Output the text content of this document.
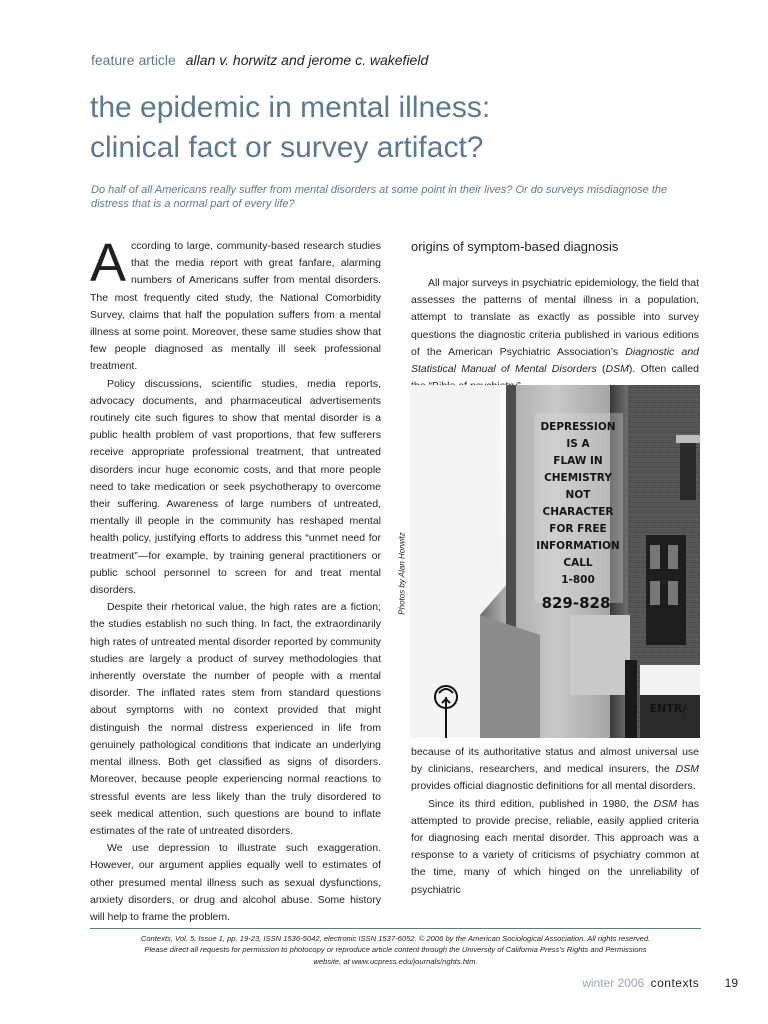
feature article allan v. horwitz and jerome c. wakefield
the epidemic in mental illness:
clinical fact or survey artifact?

Do half of all Americans really suffer from mental disorders at some point in their lives? Or do surveys misdiagnose the distress that is a normal part of every life?

According to large, community-based research studies that the media report with great fanfare, alarming numbers of Americans suffer from mental disorders. The most frequently cited study, the National Comorbidity Survey, claims that half the population suffers from a mental illness at some point. Moreover, these same studies show that few people diagnosed as mentally ill seek professional treatment.

Policy discussions, scientific studies, media reports, advocacy documents, and pharmaceutical advertisements routinely cite such figures to show that mental disorder is a public health problem of vast proportions, that few sufferers receive appropriate professional treatment, that untreated disorders incur huge economic costs, and that more people need to take medication or seek psychotherapy to overcome their suffering. Awareness of large numbers of untreated, mentally ill people in the community has reshaped mental health policy, justifying efforts to address this “unmet need for treatment”—for example, by training general practitioners or public school personnel to screen for and treat mental disorders.

Despite their rhetorical value, the high rates are a fiction; the studies establish no such thing. In fact, the extraordinarily high rates of untreated mental disorder reported by community studies are largely a product of survey methodologies that inherently overstate the number of people with a mental disorder. The inflated rates stem from standard questions about symptoms with no context provided that might distinguish the normal distress experienced in life from genuinely pathological conditions that indicate an underlying mental illness. Both get classified as signs of disorders. Moreover, because people experiencing normal reactions to stressful events are less likely than the truly disordered to seek medical attention, such questions are bound to inflate estimates of the rate of untreated disorders.

We use depression to illustrate such exaggeration. However, our argument applies equally well to estimates of other presumed mental illness such as sexual dysfunctions, anxiety disorders, or drug and alcohol abuse. Some history will help to frame the problem.

origins of symptom-based diagnosis

All major surveys in psychiatric epidemiology, the field that assesses the patterns of mental illness in a population, attempt to translate as exactly as possible into survey questions the diagnostic criteria published in various editions of the American Psychiatric Association’s Diagnostic and Statistical Manual of Mental Disorders (DSM). Often called

Photos by Alan Horwitz
DEPRESSION
IS A
FLAW IN
CHEMISTRY
NOT
CHARACTER
FOR FREE
INFORMATION
CALL
1-800
829-828
ENTR/

because of its authoritative status and almost universal use by clinicians, researchers, and medical insurers, the DSM provides official diagnostic definitions for all mental disorders.

Since its third edition, published in 1980, the DSM has attempted to provide precise, reliable, easily applied criteria for diagnosing each mental disorder. This approach was a response to a variety of criticisms of psychiatry common at the time, many of which hinged on the unreliability of psychiatric

Contexts, Vol. 5, Issue 1, pp. 19-23, ISSN 1536-5042, electronic ISSN 1537-6052. © 2006 by the American Sociological Association. All rights reserved.
Please direct all requests for permission to photocopy or reproduce article content through the University of California Press’s Rights and Permissions
website, at www.ucpress.edu/journals/rights.htm.
winter 2006 contexts 19
